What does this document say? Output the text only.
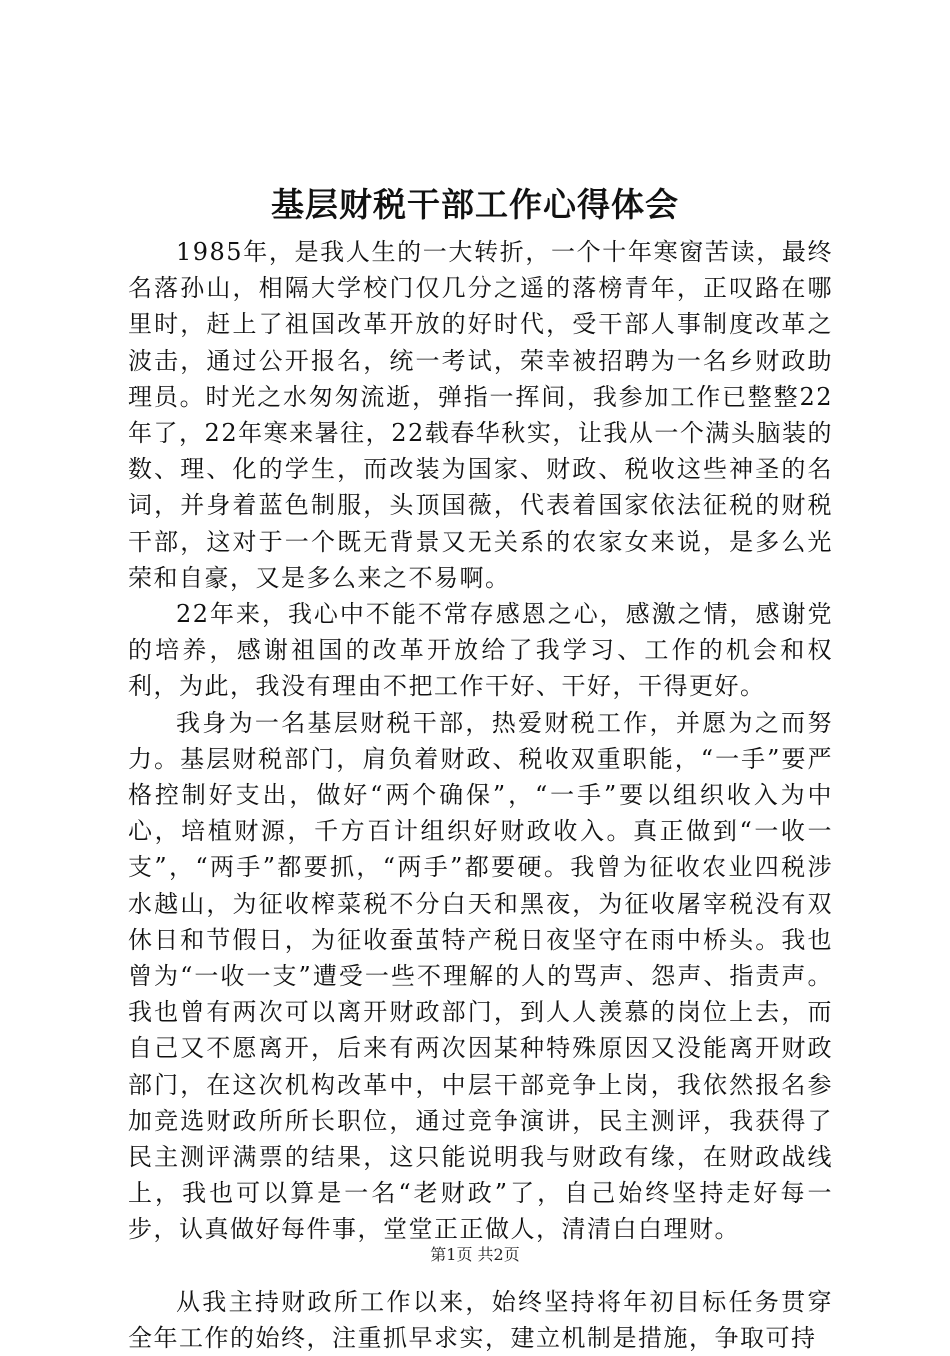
基层财税干部工作心得体会

1985年，是我人生的一大转折，一个十年寒窗苦读，最终名落孙山，相隔大学校门仅几分之遥的落榜青年，正叹路在哪里时，赶上了祖国改革开放的好时代，受干部人事制度改革之波击，通过公开报名，统一考试，荣幸被招聘为一名乡财政助理员。时光之水匆匆流逝，弹指一挥间，我参加工作已整整22年了，22年寒来暑往，22载春华秋实，让我从一个满头脑装的数、理、化的学生，而改装为国家、财政、税收这些神圣的名词，并身着蓝色制服，头顶国薇，代表着国家依法征税的财税干部，这对于一个既无背景又无关系的农家女来说，是多么光荣和自豪，又是多么来之不易啊。

22年来，我心中不能不常存感恩之心，感激之情，感谢党的培养，感谢祖国的改革开放给了我学习、工作的机会和权利，为此，我没有理由不把工作干好、干好，干得更好。

我身为一名基层财税干部，热爱财税工作，并愿为之而努力。基层财税部门，肩负着财政、税收双重职能，“一手”要严格控制好支出，做好“两个确保”，“一手”要以组织收入为中心，培植财源，千方百计组织好财政收入。真正做到“一收一支”，“两手”都要抓，“两手”都要硬。我曾为征收农业四税涉水越山，为征收榨菜税不分白天和黑夜，为征收屠宰税没有双休日和节假日，为征收蚕茧特产税日夜坚守在雨中桥头。我也曾为“一收一支”遭受一些不理解的人的骂声、怨声、指责声。我也曾有两次可以离开财政部门，到人人羡慕的岗位上去，而自己又不愿离开，后来有两次因某种特殊原因又没能离开财政部门，在这次机构改革中，中层干部竞争上岗，我依然报名参加竞选财政所所长职位，通过竞争演讲，民主测评，我获得了民主测评满票的结果，这只能说明我与财政有缘，在财政战线上，我也可以算是一名“老财政”了，自己始终坚持走好每一步，认真做好每件事，堂堂正正做人，清清白白理财。

从我主持财政所工作以来，始终坚持将年初目标任务贯穿全年工作的始终，注重抓早求实，建立机制是措施，争取可持

第1页 共2页
